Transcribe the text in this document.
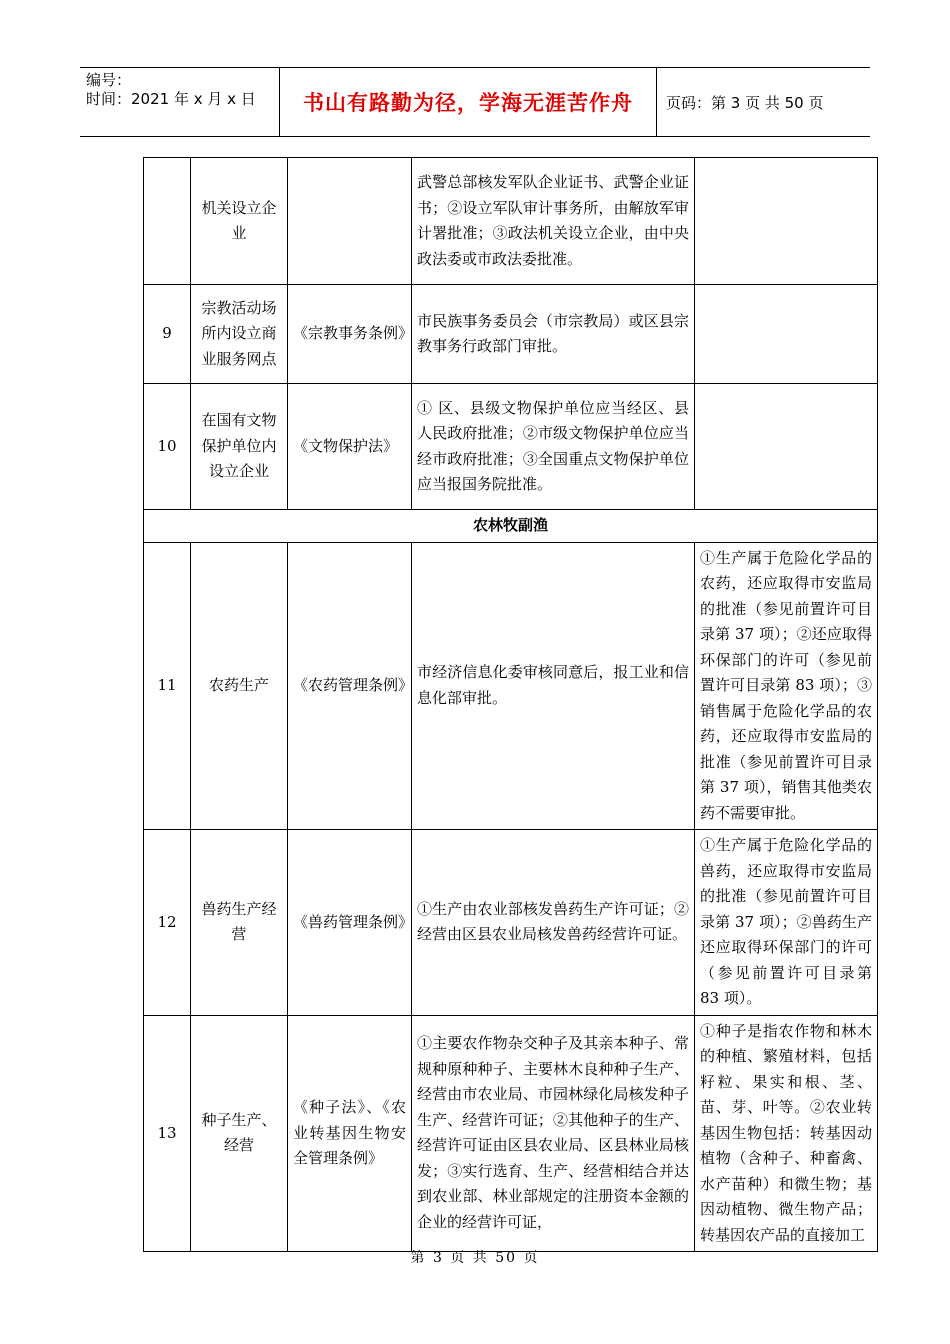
编号：
时间：2021 年 x 月 x 日	书山有路勤为径，学海无涯苦作舟	页码：第 3 页 共 50 页
	机关设立企业		武警总部核发军队企业证书、武警企业证书；②设立军队审计事务所，由解放军审计署批准；③政法机关设立企业，由中央政法委或市政法委批准。	
9	宗教活动场所内设立商业服务网点	《宗教事务条例》	市民族事务委员会（市宗教局）或区县宗教事务行政部门审批。	
10	在国有文物保护单位内设立企业	《文物保护法》	① 区、县级文物保护单位应当经区、县人民政府批准；②市级文物保护单位应当经市政府批准；③全国重点文物保护单位应当报国务院批准。	
农林牧副渔				
11	农药生产	《农药管理条例》	市经济信息化委审核同意后，报工业和信息化部审批。	①生产属于危险化学品的农药，还应取得市安监局的批准（参见前置许可目录第 37 项）；②还应取得环保部门的许可（参见前置许可目录第 83 项）；③销售属于危险化学品的农药，还应取得市安监局的批准（参见前置许可目录第 37 项），销售其他类农药不需要审批。
12	兽药生产经营	《兽药管理条例》	①生产由农业部核发兽药生产许可证；②经营由区县农业局核发兽药经营许可证。	①生产属于危险化学品的兽药，还应取得市安监局的批准（参见前置许可目录第 37 项）；②兽药生产还应取得环保部门的许可（参见前置许可目录第 83 项）。
13	种子生产、经营	《种子法》、《农业转基因生物安全管理条例》	①主要农作物杂交种子及其亲本种子、常规种原种种子、主要林木良种种子生产、经营由市农业局、市园林绿化局核发种子生产、经营许可证；②其他种子的生产、经营许可证由区县农业局、区县林业局核发；③实行选育、生产、经营相结合并达到农业部、林业部规定的注册资本金额的企业的经营许可证，	①种子是指农作物和林木的种植、繁殖材料，包括籽粒、果实和根、茎、苗、芽、叶等。②农业转基因生物包括：转基因动植物（含种子、种畜禽、水产苗种）和微生物；基因动植物、微生物产品；转基因农产品的直接加工
第 3 页 共 50 页
